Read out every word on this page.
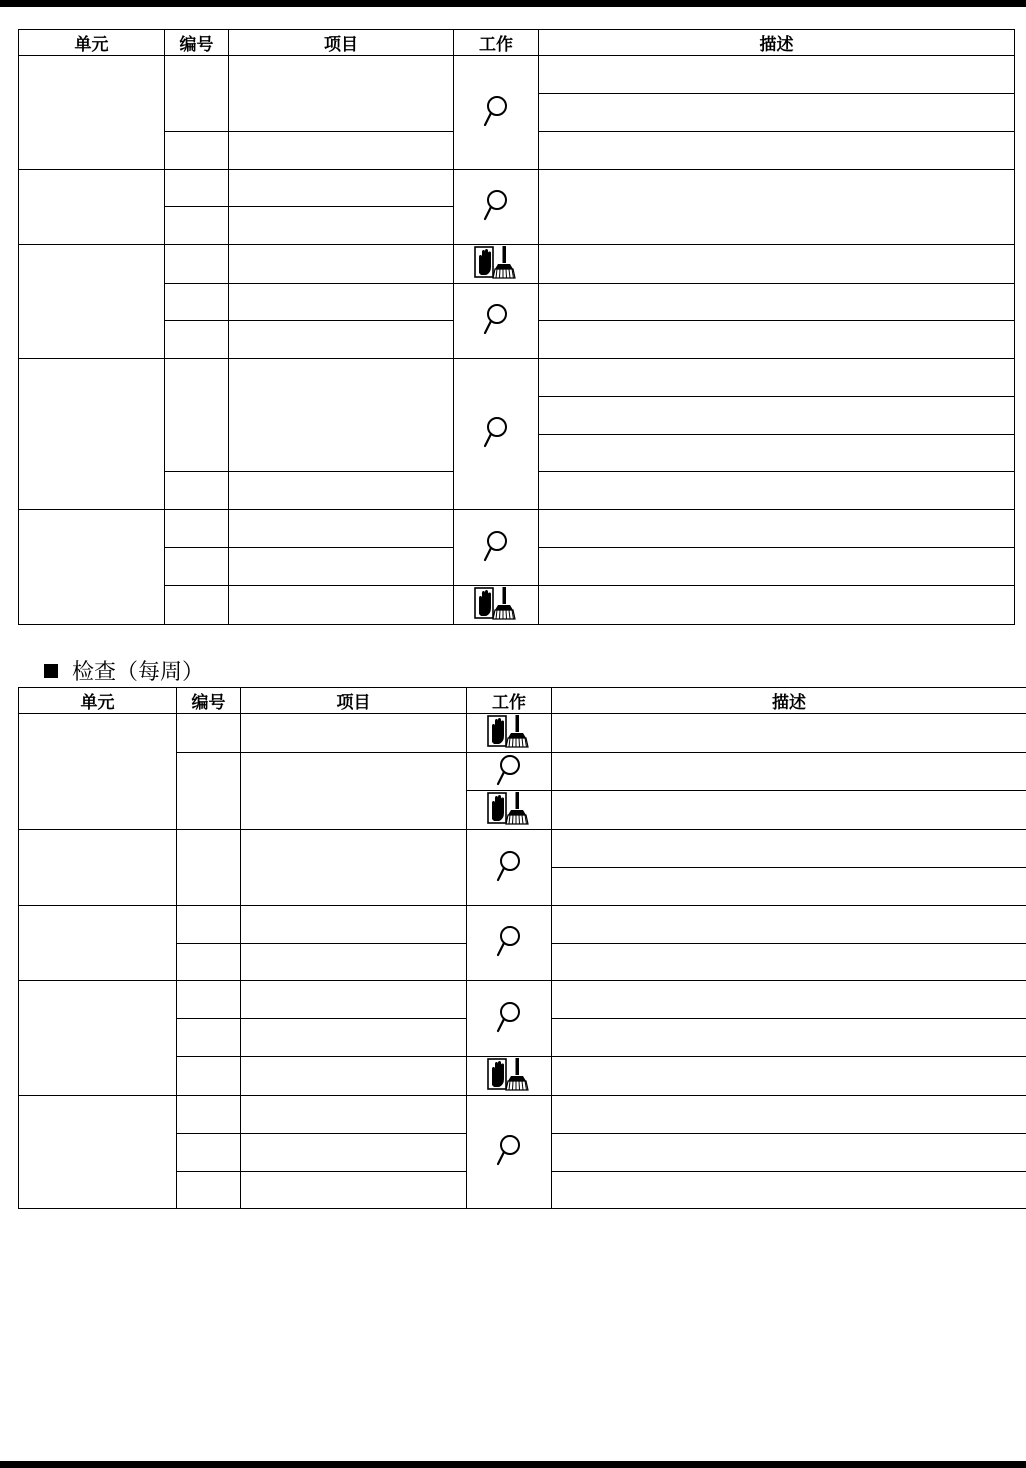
单元	编号	项目	工作	描述

检查（每周）
单元	编号	项目	工作	描述
